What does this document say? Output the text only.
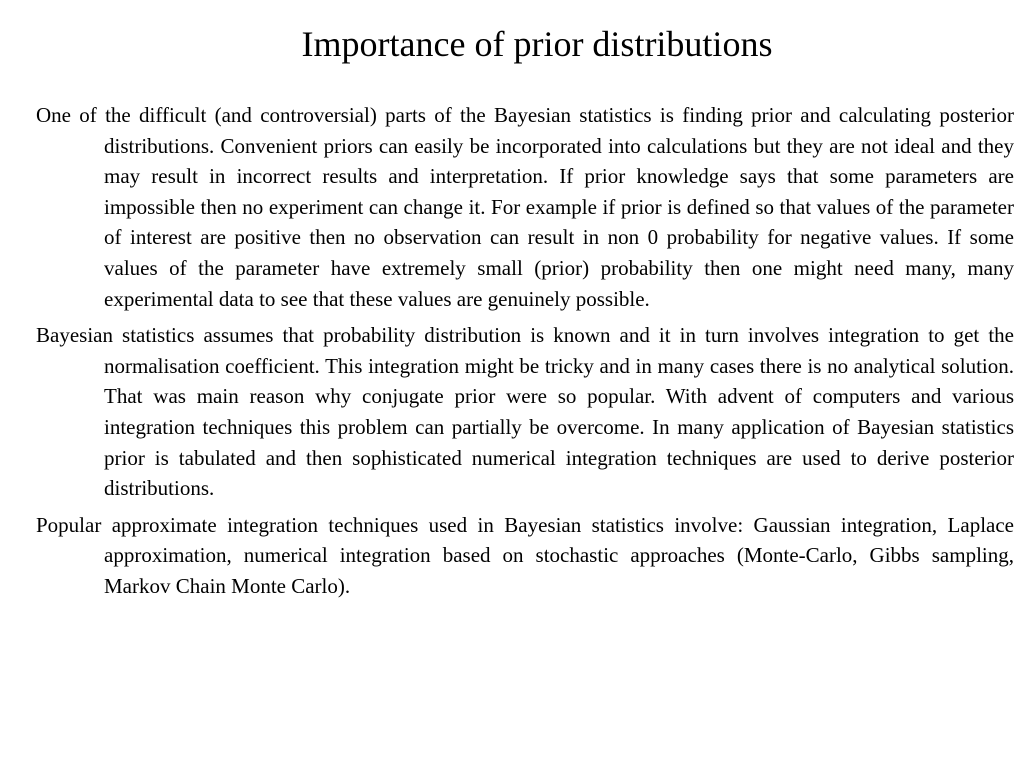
Importance of prior distributions

One of the difficult (and controversial) parts of the Bayesian statistics is finding prior and calculating posterior distributions. Convenient priors can easily be incorporated into calculations but they are not ideal and they may result in incorrect results and interpretation. If prior knowledge says that some parameters are impossible then no experiment can change it. For example if prior is defined so that values of the parameter of interest are positive then no observation can result in non 0 probability for negative values. If some values of the parameter have extremely small (prior) probability then one might need many, many experimental data to see that these values are genuinely possible.

Bayesian statistics assumes that probability distribution is known and it in turn involves integration to get the normalisation coefficient. This integration might be tricky and in many cases there is no analytical solution. That was main reason why conjugate prior were so popular. With advent of computers and various integration techniques this problem can partially be overcome. In many application of Bayesian statistics prior is tabulated and then sophisticated numerical integration techniques are used to derive posterior distributions.

Popular approximate integration techniques used in Bayesian statistics involve: Gaussian integration, Laplace approximation, numerical integration based on stochastic approaches (Monte-Carlo, Gibbs sampling, Markov Chain Monte Carlo).
